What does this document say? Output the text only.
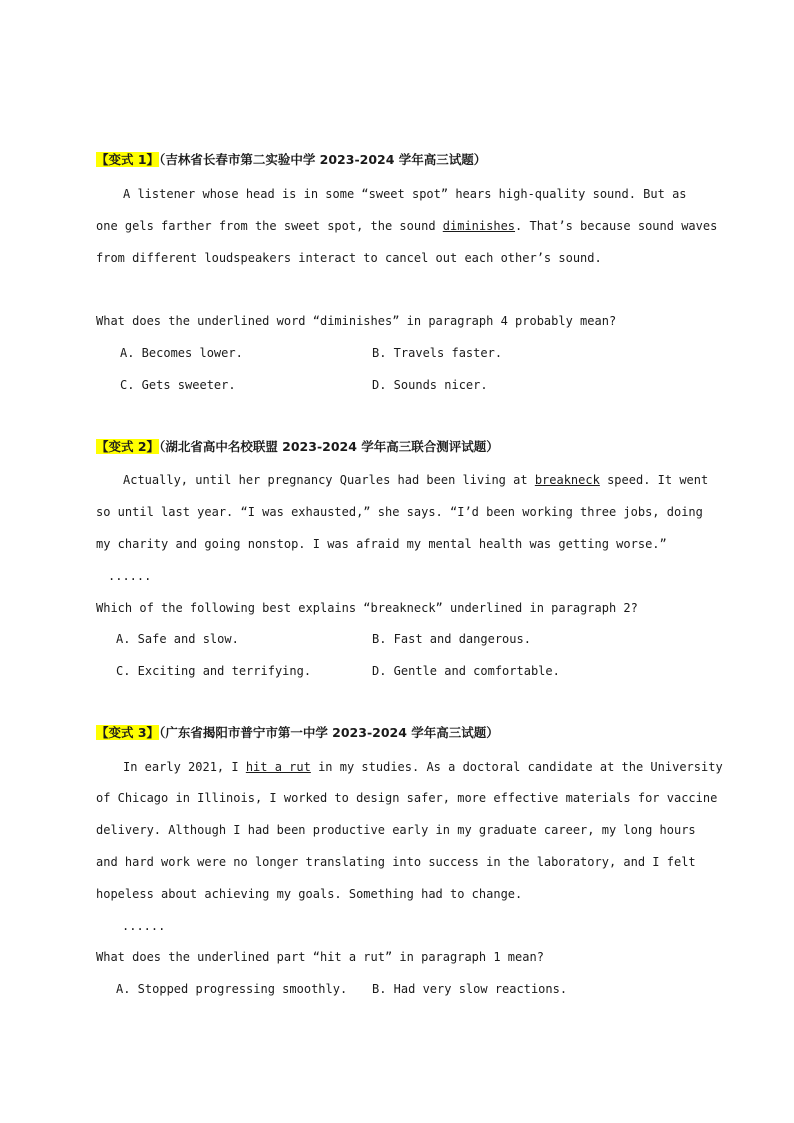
【变式 1】（吉林省长春市第二实验中学 2023-2024 学年高三试题）
A listener whose head is in some “sweet spot” hears high-quality sound. But as
one gels farther from the sweet spot, the sound diminishes. That’s because sound waves
from different loudspeakers interact to cancel out each other’s sound.
What does the underlined word “diminishes” in paragraph 4 probably mean?
A. Becomes lower.	B. Travels faster.
C. Gets sweeter.	D. Sounds nicer.
【变式 2】（湖北省高中名校联盟 2023-2024 学年高三联合测评试题）
Actually, until her pregnancy Quarles had been living at breakneck speed. It went
so until last year. “I was exhausted,” she says. “I’d been working three jobs, doing
my charity and going nonstop. I was afraid my mental health was getting worse.”
......
Which of the following best explains “breakneck” underlined in paragraph 2?
A. Safe and slow.	B. Fast and dangerous.
C. Exciting and terrifying.	D. Gentle and comfortable.
【变式 3】（广东省揭阳市普宁市第一中学 2023-2024 学年高三试题）
In early 2021, I hit a rut in my studies. As a doctoral candidate at the University
of Chicago in Illinois, I worked to design safer, more effective materials for vaccine
delivery. Although I had been productive early in my graduate career, my long hours
and hard work were no longer translating into success in the laboratory, and I felt
hopeless about achieving my goals. Something had to change.
......
What does the underlined part “hit a rut” in paragraph 1 mean?
A. Stopped progressing smoothly. B. Had very slow reactions.
